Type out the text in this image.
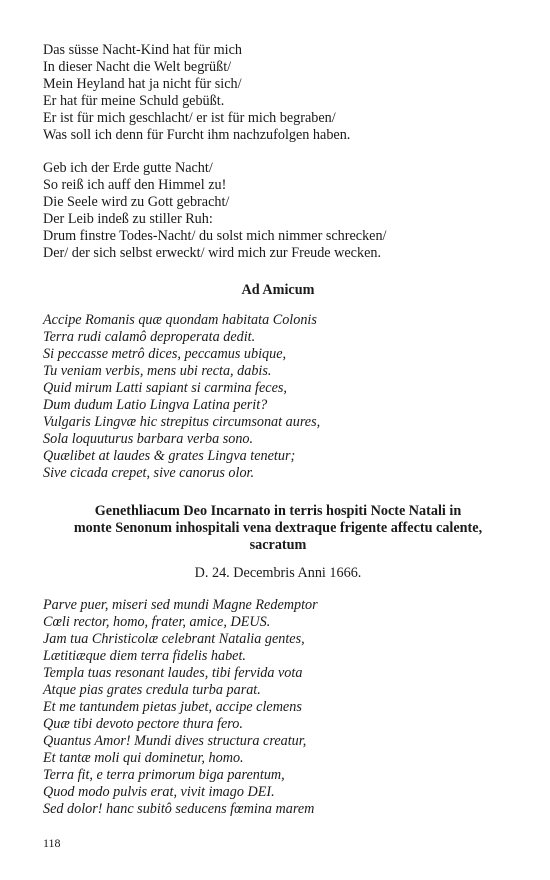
Das süsse Nacht-Kind hat für mich
In dieser Nacht die Welt begrüßt/
Mein Heyland hat ja nicht für sich/
Er hat für meine Schuld gebüßt.
Er ist für mich geschlacht/ er ist für mich begraben/
Was soll ich denn für Furcht ihm nachzufolgen haben.
Geb ich der Erde gutte Nacht/
So reiß ich auff den Himmel zu!
Die Seele wird zu Gott gebracht/
Der Leib indeß zu stiller Ruh:
Drum finstre Todes-Nacht/ du solst mich nimmer schrecken/
Der/ der sich selbst erweckt/ wird mich zur Freude wecken.
Ad Amicum
Accipe Romanis quæ quondam habitata Colonis
Terra rudi calamô deproperata dedit.
Si peccasse metrô dices, peccamus ubique,
Tu veniam verbis, mens ubi recta, dabis.
Quid mirum Latti sapiant si carmina feces,
Dum dudum Latio Lingva Latina perit?
Vulgaris Lingvæ hic strepitus circumsonat aures,
Sola loquuturus barbara verba sono.
Quælibet at laudes & grates Lingva tenetur;
Sive cicada crepet, sive canorus olor.
Genethliacum Deo Incarnato in terris hospiti Nocte Natali in
monte Senonum inhospitali vena dextraque frigente affectu calente,
sacratum
D. 24. Decembris Anni 1666.
Parve puer, miseri sed mundi Magne Redemptor
Cœli rector, homo, frater, amice, DEUS.
Jam tua Christicolæ celebrant Natalia gentes,
Lætitiæque diem terra fidelis habet.
Templa tuas resonant laudes, tibi fervida vota
Atque pias grates credula turba parat.
Et me tantundem pietas jubet, accipe clemens
Quæ tibi devoto pectore thura fero.
Quantus Amor! Mundi dives structura creatur,
Et tantæ moli qui dominetur, homo.
Terra fit, e terra primorum biga parentum,
Quod modo pulvis erat, vivit imago DEI.
Sed dolor! hanc subitô seducens fœmina marem
118
